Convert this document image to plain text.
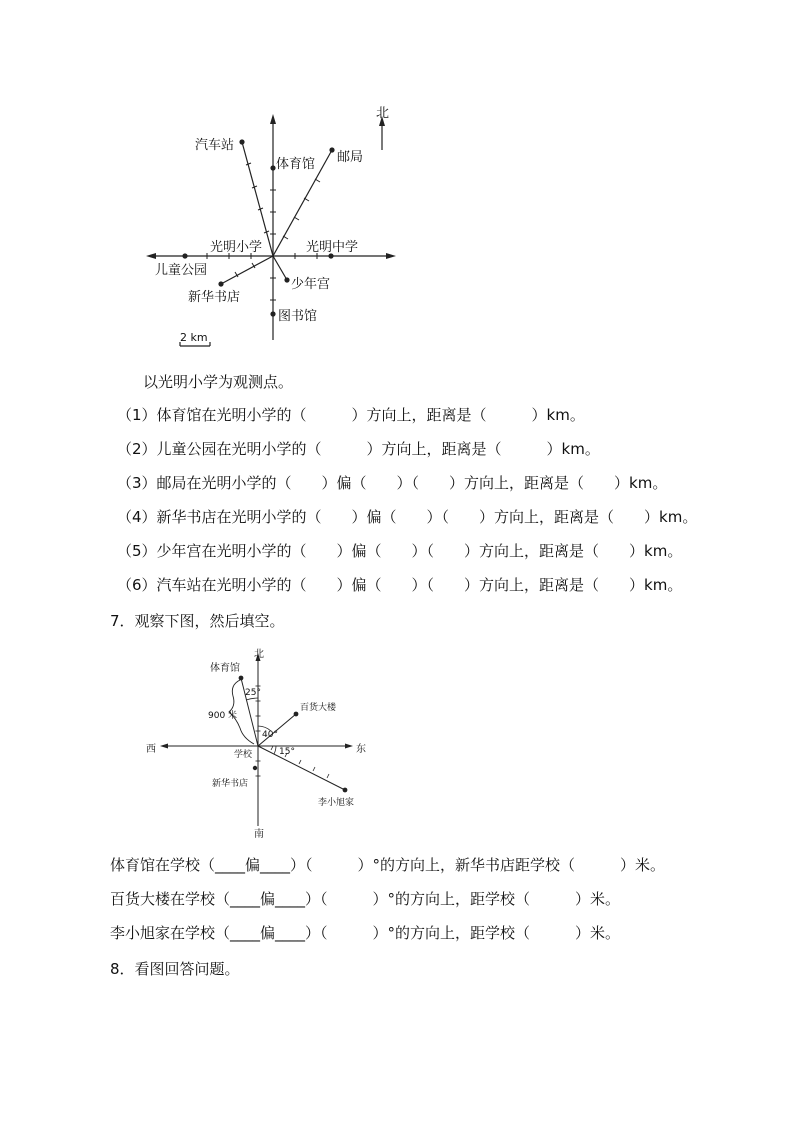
北
汽车站
体育馆 邮局
光明小学	光明中学
儿童公园
少年宫
新华书店
图书馆
2 km
以光明小学为观测点。
（1）体育馆在光明小学的（　　　）方向上，距离是（　　　）km。
（2）儿童公园在光明小学的（　　　）方向上，距离是（　　　）km。
（3）邮局在光明小学的（　　）偏（　　）（　　）方向上，距离是（　　）km。
（4）新华书店在光明小学的（　　）偏（　　）（　　）方向上，距离是（　　）km。
（5）少年宫在光明小学的（　　）偏（　　）（　　）方向上，距离是（　　）km。
（6）汽车站在光明小学的（　　）偏（　　）（　　）方向上，距离是（　　）km。
7．观察下图，然后填空。
北
南
东
西
体育馆
百货大楼
学校
新华书店
李小旭家
900 米
25°
40°
15°
体育馆在学校（____偏____）（　　　）°的方向上，新华书店距学校（　　　）米。
百货大楼在学校（____偏____）（　　　）°的方向上，距学校（　　　）米。
李小旭家在学校（____偏____）（　　　）°的方向上，距学校（　　　）米。
8．看图回答问题。
